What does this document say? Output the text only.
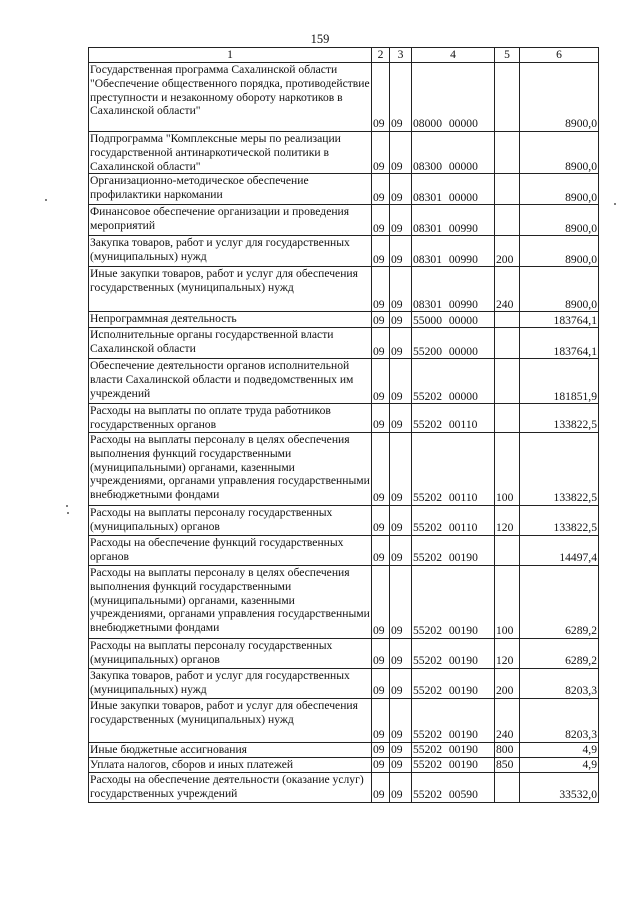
159
1	2	3	4	5	6
Государственная программа Сахалинской области "Обеспечение общественного порядка, противодействие преступности и незаконному обороту наркотиков в Сахалинской области"	09	09	08000 00000		8900,0
Подпрограмма "Комплексные меры по реализации государственной антинаркотической политики в Сахалинской области"	09	09	08300 00000		8900,0
Организационно-методическое обеспечение профилактики наркомании	09	09	08301 00000		8900,0
Финансовое обеспечение организации и проведения мероприятий	09	09	08301 00990		8900,0
Закупка товаров, работ и услуг для государственных (муниципальных) нужд	09	09	08301 00990	200	8900,0
Иные закупки товаров, работ и услуг для обеспечения государственных (муниципальных) нужд	09	09	08301 00990	240	8900,0
Непрограммная деятельность	09	09	55000 00000		183764,1
Исполнительные органы государственной власти Сахалинской области	09	09	55200 00000		183764,1
Обеспечение деятельности органов исполнительной власти Сахалинской области и подведомственных им учреждений	09	09	55202 00000		181851,9
Расходы на выплаты по оплате труда работников государственных органов	09	09	55202 00110		133822,5
Расходы на выплаты персоналу в целях обеспечения выполнения функций государственными (муниципальными) органами, казенными учреждениями, органами управления государственными внебюджетными фондами	09	09	55202 00110	100	133822,5
Расходы на выплаты персоналу государственных (муниципальных) органов	09	09	55202 00110	120	133822,5
Расходы на обеспечение функций государственных органов	09	09	55202 00190		14497,4
Расходы на выплаты персоналу в целях обеспечения выполнения функций государственными (муниципальными) органами, казенными учреждениями, органами управления государственными внебюджетными фондами	09	09	55202 00190	100	6289,2
Расходы на выплаты персоналу государственных (муниципальных) органов	09	09	55202 00190	120	6289,2
Закупка товаров, работ и услуг для государственных (муниципальных) нужд	09	09	55202 00190	200	8203,3
Иные закупки товаров, работ и услуг для обеспечения государственных (муниципальных) нужд	09	09	55202 00190	240	8203,3
Иные бюджетные ассигнования	09	09	55202 00190	800	4,9
Уплата налогов, сборов и иных платежей	09	09	55202 00190	850	4,9
Расходы на обеспечение деятельности (оказание услуг) государственных учреждений	09	09	55202 00590		33532,0
